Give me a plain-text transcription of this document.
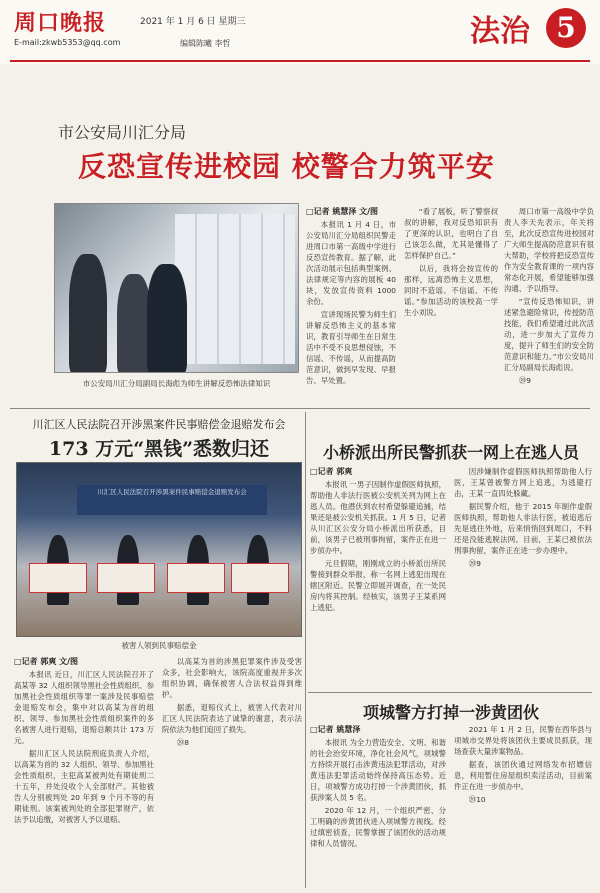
周口晚报	2021 年 1 月 6 日 星期三
E-mail:zkwb5353@qq.com	编辑陈曦 李哲	法治 5
市公安局川汇分局
反恐宣传进校园 校警合力筑平安
市公安局川汇分局副局长海彪为师生讲解反恐怖法律知识
□记者 姚慧泽 文/图

本报讯 1 月 4 日，市公安局川汇分局组织民警走进周口市第一高级中学进行反恐宣传教育。据了解，此次活动展示包括典型案例、法律规定等内容的展板 40 块，发放宣传资料 1000 余份。

宣讲现场民警为师生们讲解反恐怖主义的基本常识，教育引导师生在日常生活中不受不良思想侵蚀，不信谣、不传谣，从而提高防范意识，做到早发现、早报告、早处置。

“看了展板，听了警察叔叔的讲解，我对反恐知识有了更深的认识，也明白了自己该怎么做，尤其是懂得了怎样保护自己。”

以后，我将会按宣传的那样，远离恐怖主义思想，同时不造谣、不信谣、不传谣。”参加活动的该校高一学生小刘说。

周口市第一高级中学负责人李天先表示，年关将至，此次反恐宣传进校园对广大师生提高防范意识有很大帮助，学校将把反恐宣传作为安全教育课的一项内容常态化开展，希望能够加强沟通、予以指导。

“宣传反恐怖知识，讲述紧急避险常识，传授防范技能，我们希望通过此次活动，进一步加大了宣传力度，提升了师生们的安全防范意识和能力。”市公安局川汇分局副局长海彪说。

⑳9

川汇区人民法院召开涉黑案件民事赔偿金退赔发布会
173 万元“黑钱”悉数归还
川汇区人民法院召开涉黑案件民事赔偿金退赔发布会
被害人领到民事赔偿金
□记者 郭爽 文/图

本报讯 近日，川汇区人民法院召开了高某等 32 人组织领导黑社会性质组织、参加黑社会性质组织等罪一案涉及民事赔偿金退赔发布会，集中对以高某为首的组织、领导、参加黑社会性质组织案件的多名被害人进行退赔，退赔总额共计 173 万元。

据川汇区人民法院刑庭负责人介绍，以高某为首的 32 人组织、领导、参加黑社会性质组织，主犯高某被判处有期徒刑二十五年，并处没收个人全部财产。其他被告人分别被判处 20 年到 9 个月不等的有期徒刑。该案被判处的全部犯罪财产，依法予以追缴，对被害人予以退赔。

以高某为首的涉黑犯罪案件涉及受害众多，社会影响大，该院高度重视并多次组织协调，确保被害人合法权益得到维护。

据悉，退赔仪式上，被害人代表对川汇区人民法院表达了诚挚的谢意，表示法院依法为他们追回了损失。

⑳8

小桥派出所民警抓获一网上在逃人员
□记者 郭爽

本报讯 一男子因制作虚假医师执照，帮助他人非法行医被公安机关列为网上在逃人员。他潜伏到农村希望躲避追捕，结果还是被公安机关抓获。1 月 5 日，记者从川汇区公安分局小桥派出所获悉，目前，该男子已被刑事拘留，案件正在进一步侦办中。

元旦假期，刚刚成立的小桥派出所民警接到群众举报，称一名网上逃犯出现在辖区附近。民警立即展开调查，在一处民房内将其控制。经核实，该男子王某系网上逃犯。

因涉嫌制作虚假医师执照帮助他人行医，王某曾被警方网上追逃，为逃避打击，王某一直四处躲藏。

据民警介绍，他于 2015 年制作虚假医师执照，帮助他人非法行医，被追逃后先是逃往外地，后来悄悄回到周口，不料还是没能逃脱法网。目前，王某已被依法刑事拘留，案件正在进一步办理中。

⑳9

项城警方打掉一涉黄团伙
□记者 姚慧泽

本报讯 为全力营造安全、文明、和谐的社会治安环境，净化社会风气，项城警方持续开展打击涉黄违法犯罪活动，对涉黄违法犯罪活动始终保持高压态势。近日，项城警方成功打掉一个涉黄团伙，抓获涉案人员 5 名。

2020 年 12 月，一个组织严密、分工明确的涉黄团伙进入项城警方视线。经过缜密侦查，民警掌握了该团伙的活动规律和人员情况。

2021 年 1 月 2 日，民警在西华县与项城市交界处将该团伙主要成员抓获，现场查获大量涉案物品。

据查，该团伙通过网络发布招嫖信息，利用暂住房屋组织卖淫活动，目前案件正在进一步侦办中。

⑳10
